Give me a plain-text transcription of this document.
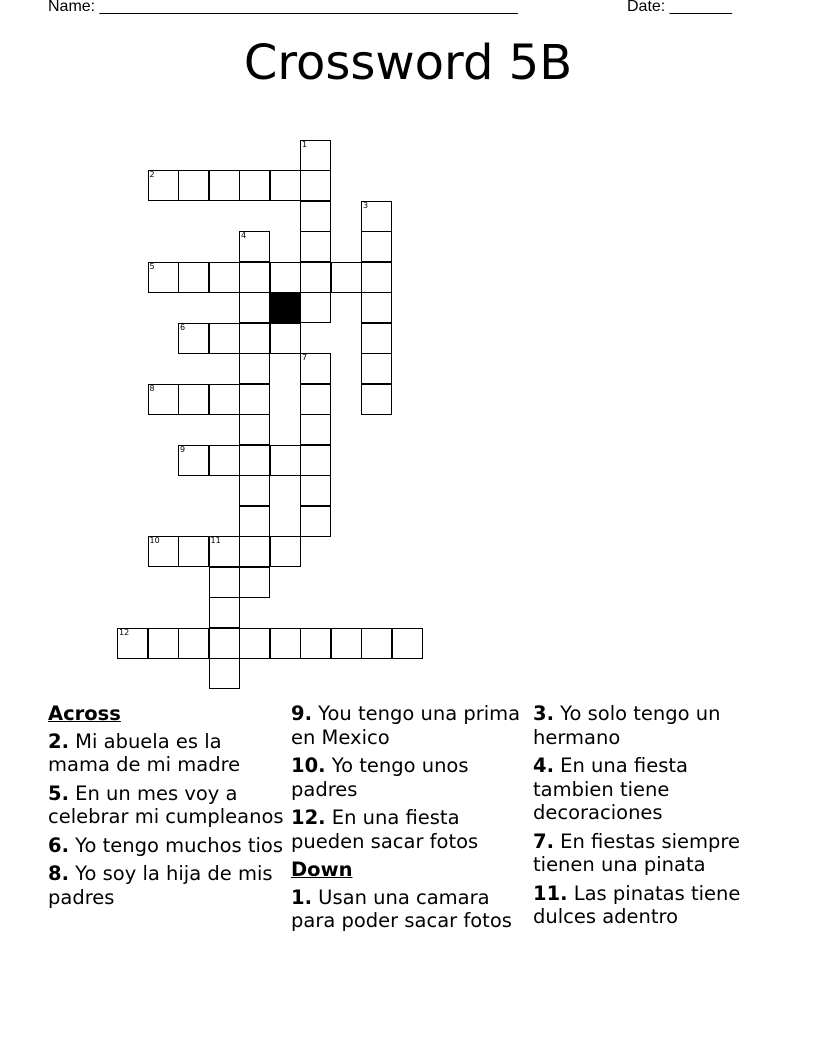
Name: _______________________________________________	Date: _______
Crossword 5B
1
2
3
4
5
6
7
8
9
10	11
12
Across
2. Mi abuela es la mama de mi madre
5. En un mes voy a celebrar mi cumpleanos
6. Yo tengo muchos tios
8. Yo soy la hija de mis padres
9. You tengo una prima en Mexico
10. Yo tengo unos padres
12. En una fiesta pueden sacar fotos
Down
1. Usan una camara para poder sacar fotos
3. Yo solo tengo un hermano
4. En una fiesta tambien tiene decoraciones
7. En fiestas siempre tienen una pinata
11. Las pinatas tiene dulces adentro
